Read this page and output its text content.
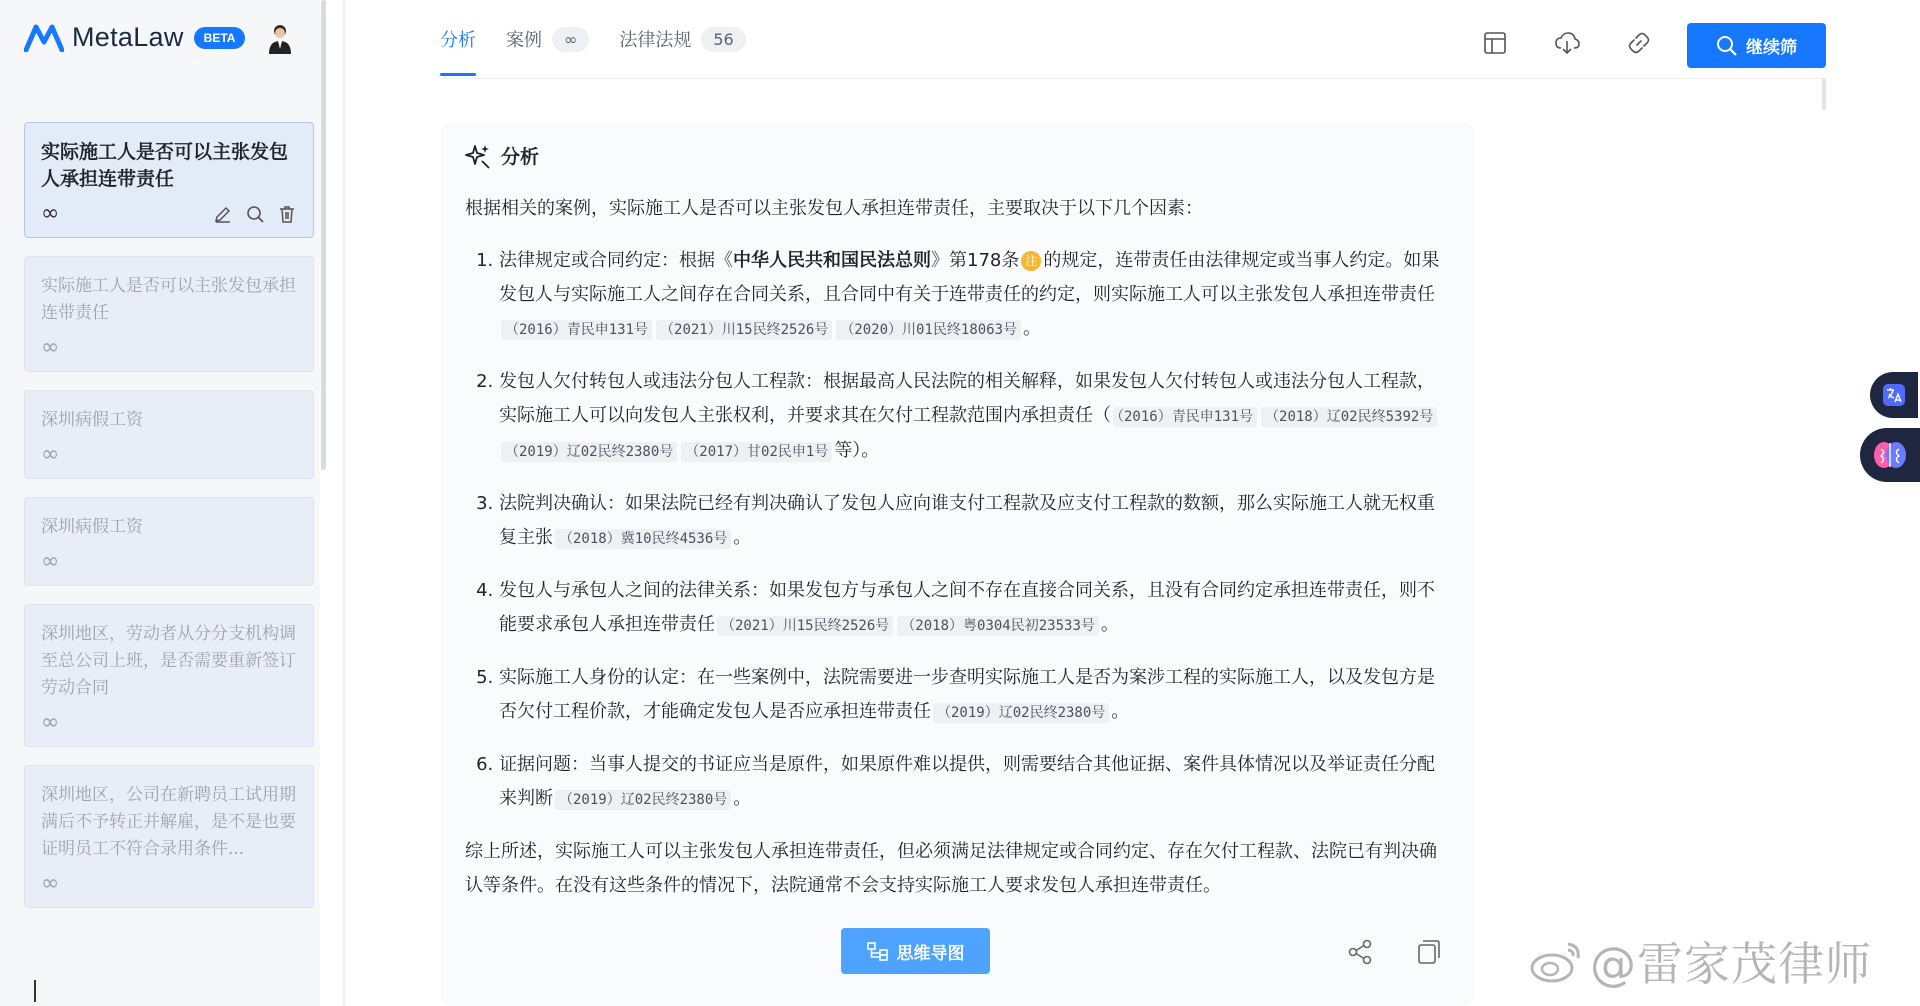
MetaLaw	BETA
实际施工人是否可以主张发包人承担连带责任
∞
实际施工人是否可以主张发包承担连带责任
∞
深圳病假工资
∞
深圳病假工资
∞
深圳地区，劳动者从分分支机构调至总公司上班，是否需要重新签订劳动合同
∞
深圳地区，公司在新聘员工试用期满后不予转正并解雇，是不是也要证明员工不符合录用条件...
∞
分析 案例	∞	法律法规	56	继续筛
分析

根据相关的案例，实际施工人是否可以主张发包人承担连带责任，主要取决于以下几个因素：

1. 法律规定或合同约定：根据《中华人民共和国民法总则》第178条 注 的规定，连带责任由法律规定或当事人约定。如果发包人与实际施工人之间存在合同关系，且合同中有关于连带责任的约定，则实际施工人可以主张发包人承担连带责任（2016）青民申131号 （2021）川15民终2526号 （2020）川01民终18063号 。
2. 发包人欠付转包人或违法分包人工程款：根据最高人民法院的相关解释，如果发包人欠付转包人或违法分包人工程款，实际施工人可以向发包人主张权利，并要求其在欠付工程款范围内承担责任（ （2016）青民申131号 （2018）辽02民终5392号（2019）辽02民终2380号 （2017）甘02民申1号 等）。
3. 法院判决确认：如果法院已经有判决确认了发包人应向谁支付工程款及应支付工程款的数额，那么实际施工人就无权重复主张 （2018）冀10民终4536号 。
4. 发包人与承包人之间的法律关系：如果发包方与承包人之间不存在直接合同关系，且没有合同约定承担连带责任，则不能要求承包人承担连带责任 （2021）川15民终2526号 （2018）粤0304民初23533号 。
5. 实际施工人身份的认定：在一些案例中，法院需要进一步查明实际施工人是否为案涉工程的实际施工人，以及发包方是否欠付工程价款，才能确定发包人是否应承担连带责任 （2019）辽02民终2380号 。
6. 证据问题：当事人提交的书证应当是原件，如果原件难以提供，则需要结合其他证据、案件具体情况以及举证责任分配来判断 （2019）辽02民终2380号 。

综上所述，实际施工人可以主张发包人承担连带责任，但必须满足法律规定或合同约定、存在欠付工程款、法院已有判决确认等条件。在没有这些条件的情况下，法院通常不会支持实际施工人要求发包人承担连带责任。

思维导图	@雷家茂律师
